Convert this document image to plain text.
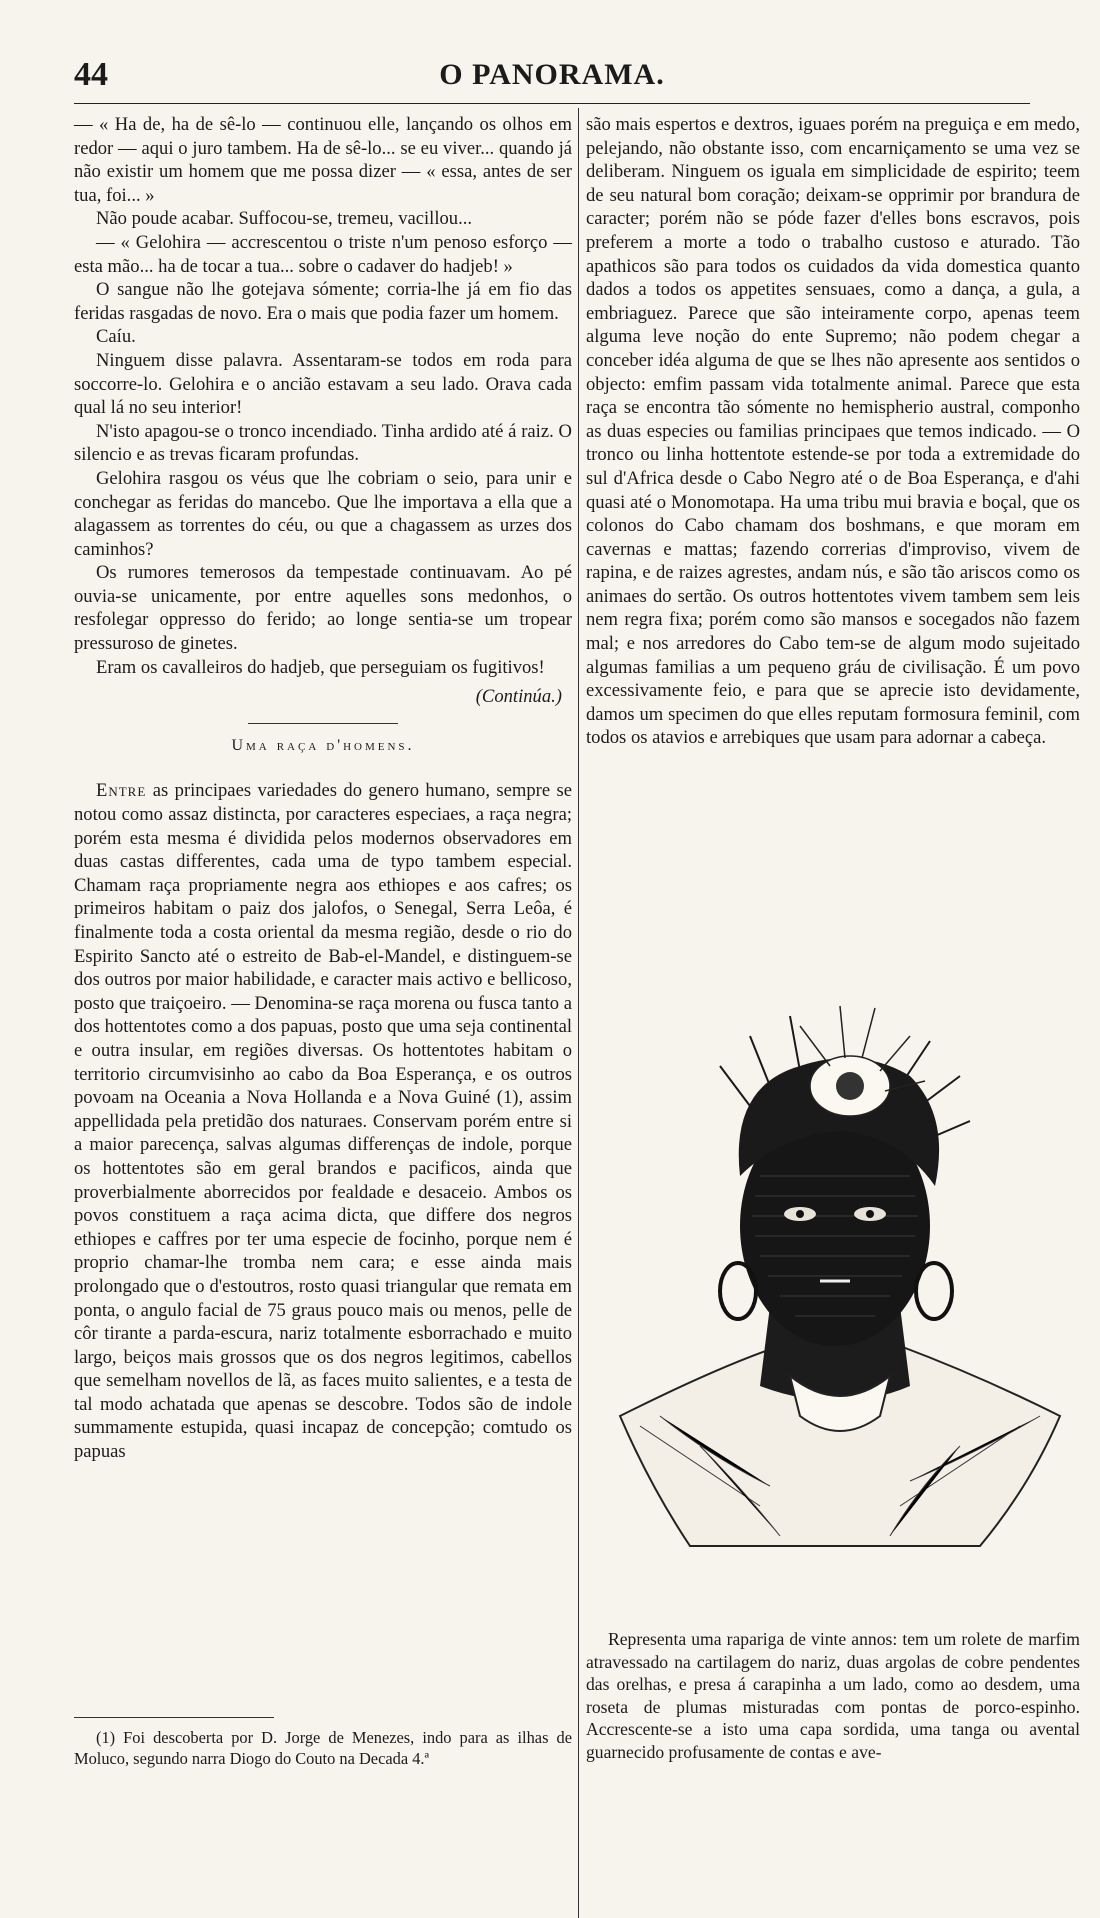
44	O PANORAMA.

— « Ha de, ha de sê-lo — continuou elle, lançando os olhos em redor — aqui o juro tambem. Ha de sê-lo... se eu viver... quando já não existir um homem que me possa dizer — « essa, antes de ser tua, foi... »

Não poude acabar. Suffocou-se, tremeu, vacillou...

— « Gelohira — accrescentou o triste n'um penoso esforço — esta mão... ha de tocar a tua... sobre o cadaver do hadjeb! »

O sangue não lhe gotejava sómente; corria-lhe já em fio das feridas rasgadas de novo. Era o mais que podia fazer um homem.

Caíu.

Ninguem disse palavra. Assentaram-se todos em roda para soccorre-lo. Gelohira e o ancião estavam a seu lado. Orava cada qual lá no seu interior!

N'isto apagou-se o tronco incendiado. Tinha ardido até á raiz. O silencio e as trevas ficaram profundas.

Gelohira rasgou os véus que lhe cobriam o seio, para unir e conchegar as feridas do mancebo. Que lhe importava a ella que a alagassem as torrentes do céu, ou que a chagassem as urzes dos caminhos?

Os rumores temerosos da tempestade continuavam. Ao pé ouvia-se unicamente, por entre aquelles sons medonhos, o resfolegar oppresso do ferido; ao longe sentia-se um tropear pressuroso de ginetes.

Eram os cavalleiros do hadjeb, que perseguiam os fugitivos!

(Continúa.)

Uma raça d'homens.

Entre as principaes variedades do genero humano, sempre se notou como assaz distincta, por caracteres especiaes, a raça negra; porém esta mesma é dividida pelos modernos observadores em duas castas differentes, cada uma de typo tambem especial. Chamam raça propriamente negra aos ethiopes e aos cafres; os primeiros habitam o paiz dos jalofos, o Senegal, Serra Leôa, é finalmente toda a costa oriental da mesma região, desde o rio do Espirito Sancto até o estreito de Bab-el-Mandel, e distinguem-se dos outros por maior habilidade, e caracter mais activo e bellicoso, posto que traiçoeiro. — Denomina-se raça morena ou fusca tanto a dos hottentotes como a dos papuas, posto que uma seja continental e outra insular, em regiões diversas. Os hottentotes habitam o territorio circumvisinho ao cabo da Boa Esperança, e os outros povoam na Oceania a Nova Hollanda e a Nova Guiné (1), assim appellidada pela pretidão dos naturaes. Conservam porém entre si a maior parecença, salvas algumas differenças de indole, porque os hottentotes são em geral brandos e pacificos, ainda que proverbialmente aborrecidos por fealdade e desaceio. Ambos os povos constituem a raça acima dicta, que differe dos negros ethiopes e caffres por ter uma especie de focinho, porque nem é proprio chamar-lhe tromba nem cara; e esse ainda mais prolongado que o d'estoutros, rosto quasi triangular que remata em ponta, o angulo facial de 75 graus pouco mais ou menos, pelle de côr tirante a parda-escura, nariz totalmente esborrachado e muito largo, beiços mais grossos que os dos negros legitimos, cabellos que semelham novellos de lã, as faces muito salientes, e a testa de tal modo achatada que apenas se descobre. Todos são de indole summamente estupida, quasi incapaz de concepção; comtudo os papuas

(1) Foi descoberta por D. Jorge de Menezes, indo para as ilhas de Moluco, segundo narra Diogo do Couto na Decada 4.ª

são mais espertos e dextros, iguaes porém na preguiça e em medo, pelejando, não obstante isso, com encarniçamento se uma vez se deliberam. Ninguem os iguala em simplicidade de espirito; teem de seu natural bom coração; deixam-se opprimir por brandura de caracter; porém não se póde fazer d'elles bons escravos, pois preferem a morte a todo o trabalho custoso e aturado. Tão apathicos são para todos os cuidados da vida domestica quanto dados a todos os appetites sensuaes, como a dança, a gula, a embriaguez. Parece que são inteiramente corpo, apenas teem alguma leve noção do ente Supremo; não podem chegar a conceber idéa alguma de que se lhes não apresente aos sentidos o objecto: emfim passam vida totalmente animal. Parece que esta raça se encontra tão sómente no hemispherio austral, componho as duas especies ou familias principaes que temos indicado. — O tronco ou linha hottentote estende-se por toda a extremidade do sul d'Africa desde o Cabo Negro até o de Boa Esperança, e d'ahi quasi até o Monomotapa. Ha uma tribu mui bravia e boçal, que os colonos do Cabo chamam dos boshmans, e que moram em cavernas e mattas; fazendo correrias d'improviso, vivem de rapina, e de raizes agrestes, andam nús, e são tão ariscos como os animaes do sertão. Os outros hottentotes vivem tambem sem leis nem regra fixa; porém como são mansos e socegados não fazem mal; e nos arredores do Cabo tem-se de algum modo sujeitado algumas familias a um pequeno gráu de civilisação. É um povo excessivamente feio, e para que se aprecie isto devidamente, damos um specimen do que elles reputam formosura feminil, com todos os atavios e arrebiques que usam para adornar a cabeça.

Representa uma rapariga de vinte annos: tem um rolete de marfim atravessado na cartilagem do nariz, duas argolas de cobre pendentes das orelhas, e presa á carapinha a um lado, como ao desdem, uma roseta de plumas misturadas com pontas de porco-espinho. Accrescente-se a isto uma capa sordida, uma tanga ou avental guarnecido profusamente de contas e ave-
